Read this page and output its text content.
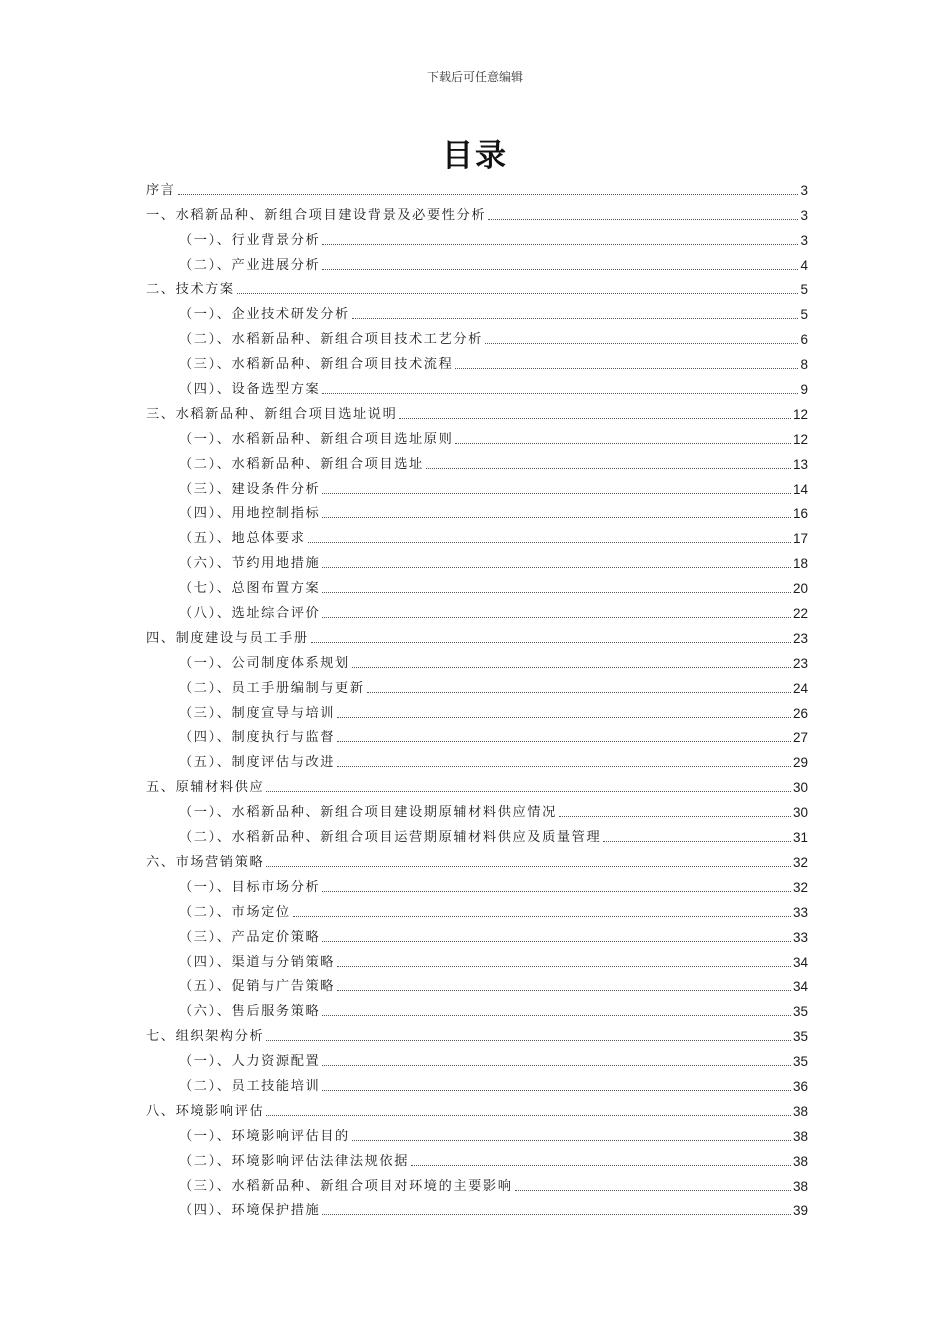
下载后可任意编辑
目录
序言	3
一、水稻新品种、新组合项目建设背景及必要性分析	3
（一）、行业背景分析	3
（二）、产业进展分析	4
二、技术方案	5
（一）、企业技术研发分析	5
（二）、水稻新品种、新组合项目技术工艺分析	6
（三）、水稻新品种、新组合项目技术流程	8
（四）、设备选型方案	9
三、水稻新品种、新组合项目选址说明	12
（一）、水稻新品种、新组合项目选址原则	12
（二）、水稻新品种、新组合项目选址	13
（三）、建设条件分析	14
（四）、用地控制指标	16
（五）、地总体要求	17
（六）、节约用地措施	18
（七）、总图布置方案	20
（八）、选址综合评价	22
四、制度建设与员工手册	23
（一）、公司制度体系规划	23
（二）、员工手册编制与更新	24
（三）、制度宣导与培训	26
（四）、制度执行与监督	27
（五）、制度评估与改进	29
五、原辅材料供应	30
（一）、水稻新品种、新组合项目建设期原辅材料供应情况	30
（二）、水稻新品种、新组合项目运营期原辅材料供应及质量管理	31
六、市场营销策略	32
（一）、目标市场分析	32
（二）、市场定位	33
（三）、产品定价策略	33
（四）、渠道与分销策略	34
（五）、促销与广告策略	34
（六）、售后服务策略	35
七、组织架构分析	35
（一）、人力资源配置	35
（二）、员工技能培训	36
八、环境影响评估	38
（一）、环境影响评估目的	38
（二）、环境影响评估法律法规依据	38
（三）、水稻新品种、新组合项目对环境的主要影响	38
（四）、环境保护措施	39
